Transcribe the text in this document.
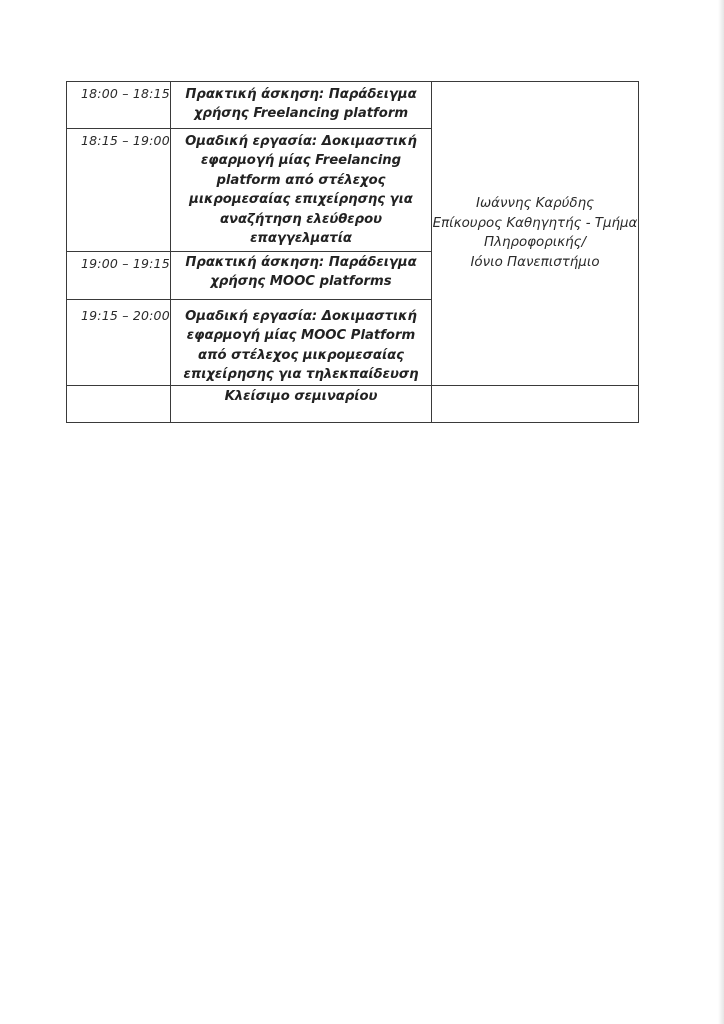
18:00 – 18:15	Πρακτική άσκηση: Παράδειγμα χρήσης Freelancing platform	Ιωάννης Καρύδης
Επίκουρος Καθηγητής - Τμήμα
Πληροφορικής/
Ιόνιο Πανεπιστήμιο

18:15 – 19:00	Ομαδική εργασία: Δοκιμαστική εφαρμογή μίας Freelancing platform από στέλεχος μικρομεσαίας επιχείρησης για αναζήτηση ελεύθερου επαγγελματία	

19:00 – 19:15	Πρακτική άσκηση: Παράδειγμα χρήσης MOOC platforms	

19:15 – 20:00	Ομαδική εργασία: Δοκιμαστική εφαρμογή μίας MOOC Platform από στέλεχος μικρομεσαίας επιχείρησης για τηλεκπαίδευση	

	Κλείσιμο σεμιναρίου	
